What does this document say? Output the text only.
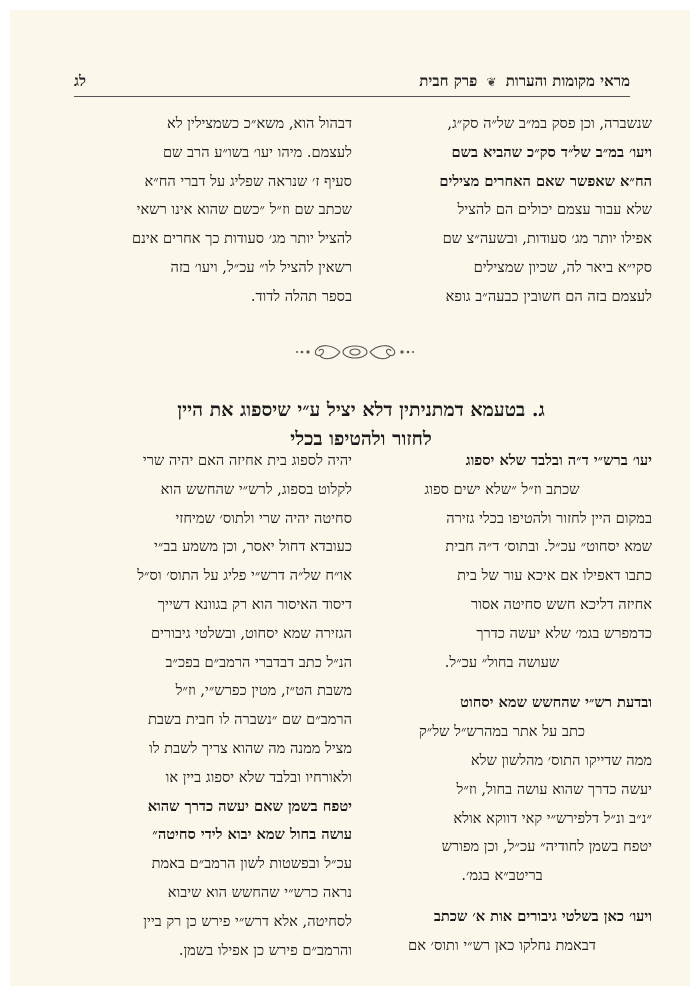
מראי מקומות והערות ❦ פרק חבית
לג
שנשברה, וכן פסק במ״ב של״ה סק״ג,
ויעו׳ במ״ב של״ד סק״כ שהביא בשם
הח״א שאפשר שאם האחרים מצילים
שלא עבור עצמם יכולים הם להציל
אפילו יותר מג׳ סעודות, ובשעה״צ שם
סקי״א ביאר לה, שכיון שמצילים
לעצמם בזה הם חשובין כבעה״ב גופא
דבהול הוא, משא״כ כשמצילין לא
לעצמם. מיהו יעו׳ בשו״ע הרב שם
סעיף ז׳ שנראה שפליג על דברי הח״א
שכתב שם וז״ל ״כשם שהוא אינו רשאי
להציל יותר מג׳ סעודות כך אחרים אינם
רשאין להציל לו״ עכ״ל, ויעו׳ בזה
בספר תהלה לדוד.
ג. בטעמא דמתניתין דלא יציל ע״י שיספוג את היין
לחזור ולהטיפו בכלי
יעו׳ ברש״י ד״ה ובלבד שלא יספוג
שכתב וז״ל ״שלא ישים ספוג
במקום היין לחזור ולהטיפו בכלי גזירה
שמא יסחוט״ עכ״ל. ובתוס׳ ד״ה חבית
כתבו דאפילו אם איכא עור של בית
אחיזה דליכא חשש סחיטה אסור
כדמפרש בגמ׳ שלא יעשה כדרך
שעושה בחול״ עכ״ל.
ובדעת רש״י שהחשש שמא יסחוט
כתב על אתר במהרש״ל של״ק
ממה שדייקו התוס׳ מהלשון שלא
יעשה כדרך שהוא עושה בחול, וז״ל
״נ״ב ונ״ל דלפירש״י קאי דווקא אולא
יטפח בשמן לחודיה״ עכ״ל, וכן מפורש
בריטב״א בגמ׳.
ויעו׳ כאן בשלטי גיבורים אות א׳ שכתב
דבאמת נחלקו כאן רש״י ותוס׳ אם
יהיה לספוג בית אחיזה האם יהיה שרי
לקלוט בספוג, לרש״י שהחשש הוא
סחיטה יהיה שרי ולתוס׳ שמיחזי
כעובדא דחול יאסר, וכן משמע בב״י
או״ח של״ה דרש״י פליג על התוס׳ וס״ל
דיסוד האיסור הוא רק בגוונא דשייך
הגזירה שמא יסחוט, ובשלטי גיבורים
הנ״ל כתב דבדברי הרמב״ם בפכ״ב
משבת הט״ז, מטין כפרש״י, וז״ל
הרמב״ם שם ״נשברה לו חבית בשבת
מציל ממנה מה שהוא צריך לשבת לו
ולאורחיו ובלבד שלא יספוג ביין או
יטפח בשמן שאם יעשה כדרך שהוא
עושה בחול שמא יבוא לידי סחיטה״
עכ״ל ובפשטות לשון הרמב״ם באמת
נראה כרש״י שהחשש הוא שיבוא
לסחיטה, אלא דרש״י פירש כן רק ביין
והרמב״ם פירש כן אפילו בשמן.
